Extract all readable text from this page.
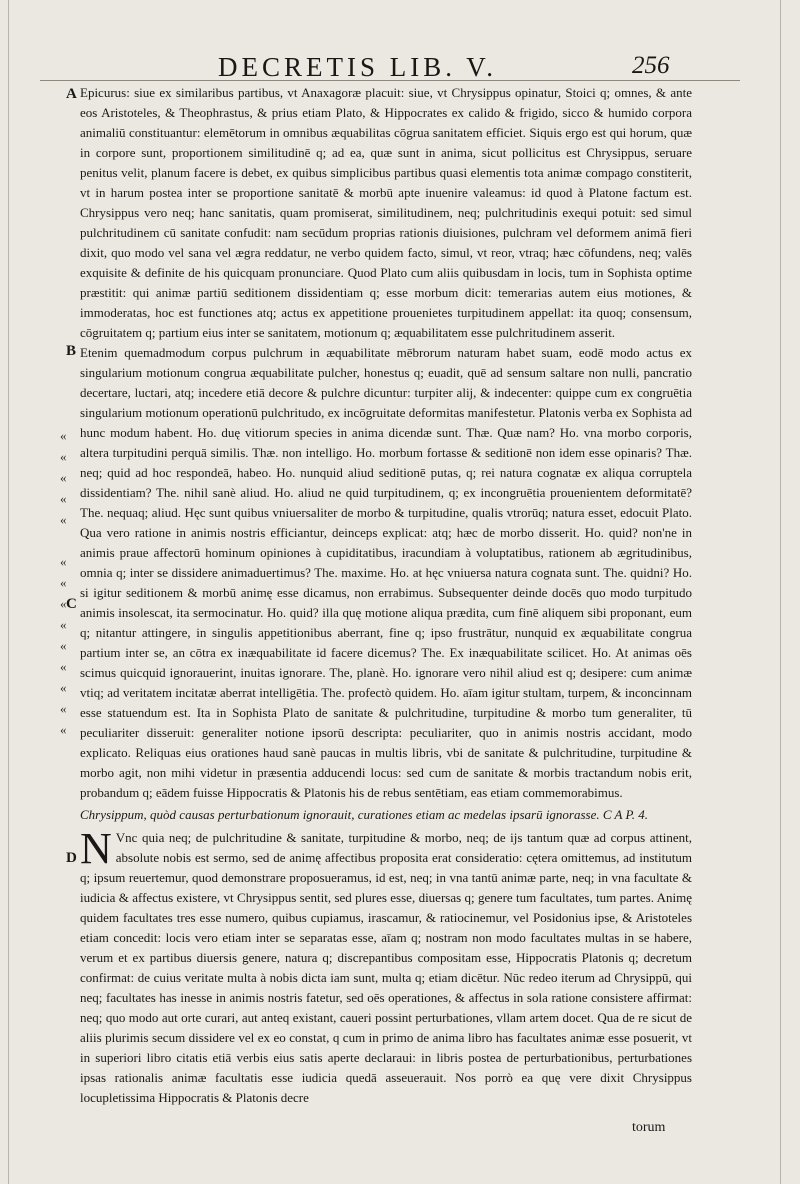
DECRETIS LIB. V.	256
A
B
C
D
«
«
«
«
«
«
«
«
«
«
«
«
«
«

Epicurus: siue ex similaribus partibus, vt Anaxagoræ placuit: siue, vt Chrysippus opinatur, Stoici q; omnes, & ante eos Aristoteles, & Theophrastus, & prius etiam Plato, & Hippocrates ex calido & frigido, sicco & humido corpora animaliū constituantur: elemētorum in omnibus æquabilitas cōgrua sanitatem efficiet. Siquis ergo est qui horum, quæ in corpore sunt, proportionem similitudinē q; ad ea, quæ sunt in anima, sicut pollicitus est Chrysippus, seruare penitus velit, planum facere is debet, ex quibus simplicibus partibus quasi elementis tota animæ compago constiterit, vt in harum postea inter se proportione sanitatē & morbū apte inuenire valeamus: id quod à Platone factum est. Chrysippus vero neq; hanc sanitatis, quam promiserat, similitudinem, neq; pulchritudinis exequi potuit: sed simul pulchritudinem cū sanitate confudit: nam secūdum proprias rationis diuisiones, pulchram vel deformem animā fieri dixit, quo modo vel sana vel ægra reddatur, ne verbo quidem facto, simul, vt reor, vtraq; hæc cōfundens, neq; valēs exquisite & definite de his quicquam pronunciare. Quod Plato cum aliis quibusdam in locis, tum in Sophista optime præstitit: qui animæ partiū seditionem dissidentiam q; esse morbum dicit: temerarias autem eius motiones, & immoderatas, hoc est functiones atq; actus ex appetitione prouenietes turpitudinem appellat: ita quoq; consensum, cōgruitatem q; partium eius inter se sanitatem, motionum q; æquabilitatem esse pulchritudinem asserit.

Etenim quemadmodum corpus pulchrum in æquabilitate mēbrorum naturam habet suam, eodē modo actus ex singularium motionum congrua æquabilitate pulcher, honestus q; euadit, quē ad sensum saltare non nulli, pancratio decertare, luctari, atq; incedere etiā decore & pulchre dicuntur: turpiter alij, & indecenter: quippe cum ex congruētia singularium motionum operationū pulchritudo, ex incōgruitate deformitas manifestetur. Platonis verba ex Sophista ad hunc modum habent. Ho. duę vitiorum species in anima dicendæ sunt. Thæ. Quæ nam? Ho. vna morbo corporis, altera turpitudini perquā similis. Thæ. non intelligo. Ho. morbum fortasse & seditionē non idem esse opinaris? Thæ. neq; quid ad hoc respondeā, habeo. Ho. nunquid aliud seditionē putas, q; rei natura cognatæ ex aliqua corruptela dissidentiam? The. nihil sanè aliud. Ho. aliud ne quid turpitudinem, q; ex incongruētia prouenientem deformitatē? The. nequaq; aliud. Hęc sunt quibus vniuersaliter de morbo & turpitudine, qualis vtrorūq; natura esset, edocuit Plato. Qua vero ratione in animis nostris efficiantur, deinceps explicat: atq; hæc de morbo disserit. Ho. quid? non'ne in animis praue affectorū hominum opiniones à cupiditatibus, iracundiam à voluptatibus, rationem ab ægritudinibus, omnia q; inter se dissidere animaduertimus? The. maxime. Ho. at hęc vniuersa natura cognata sunt. The. quidni? Ho. si igitur seditionem & morbū animę esse dicamus, non errabimus. Subsequenter deinde docēs quo modo turpitudo animis insolescat, ita sermocinatur. Ho. quid? illa quę motione aliqua prædita, cum finē aliquem sibi proponant, eum q; nitantur attingere, in singulis appetitionibus aberrant, fine q; ipso frustrātur, nunquid ex æquabilitate congrua partium inter se, an cōtra ex inæquabilitate id facere dicemus? The. Ex inæquabilitate scilicet. Ho. At animas oēs scimus quicquid ignorauerint, inuitas ignorare. The, planè. Ho. ignorare vero nihil aliud est q; desipere: cum animæ vtiq; ad veritatem incitatæ aberrat intelligētia. The. profectò quidem. Ho. aīam igitur stultam, turpem, & inconcinnam esse statuendum est. Ita in Sophista Plato de sanitate & pulchritudine, turpitudine & morbo tum generaliter, tū peculiariter disseruit: generaliter notione ipsorū descripta: peculiariter, quo in animis nostris accidant, modo explicato. Reliquas eius orationes haud sanè paucas in multis libris, vbi de sanitate & pulchritudine, turpitudine & morbo agit, non mihi videtur in præsentia adducendi locus: sed cum de sanitate & morbis tractandum nobis erit, probandum q; eādem fuisse Hippocratis & Platonis his de rebus sentētiam, eas etiam commemorabimus.

Chrysippum, quòd causas perturbationum ignorauit, curationes etiam ac medelas ipsarū ignorasse. C A P. 4.

N Vnc quia neq; de pulchritudine & sanitate, turpitudine & morbo, neq; de ijs tantum quæ ad corpus attinent, absolute nobis est sermo, sed de animę affectibus proposita erat consideratio: cętera omittemus, ad institutum q; ipsum reuertemur, quod demonstrare proposueramus, id est, neq; in vna tantū animæ parte, neq; in vna facultate & iudicia & affectus existere, vt Chrysippus sentit, sed plures esse, diuersas q; genere tum facultates, tum partes. Animę quidem facultates tres esse numero, quibus cupiamus, irascamur, & ratiocinemur, vel Posidonius ipse, & Aristoteles etiam concedit: locis vero etiam inter se separatas esse, aīam q; nostram non modo facultates multas in se habere, verum et ex partibus diuersis genere, natura q; discrepantibus compositam esse, Hippocratis Platonis q; decretum confirmat: de cuius veritate multa à nobis dicta iam sunt, multa q; etiam dicētur. Nūc redeo iterum ad Chrysippū, qui neq; facultates has inesse in animis nostris fatetur, sed oēs operationes, & affectus in sola ratione consistere affirmat: neq; quo modo aut orte curari, aut anteq existant, caueri possint perturbationes, vllam artem docet. Qua de re sicut de aliis plurimis secum dissidere vel ex eo constat, q cum in primo de anima libro has facultates animæ esse posuerit, vt in superiori libro citatis etiā verbis eius satis aperte declaraui: in libris postea de perturbationibus, perturbationes ipsas rationalis animæ facultatis esse iudicia quedā asseuerauit. Nos porrò ea quę vere dixit Chrysippus locupletissima Hippocratis & Platonis decre

torum
